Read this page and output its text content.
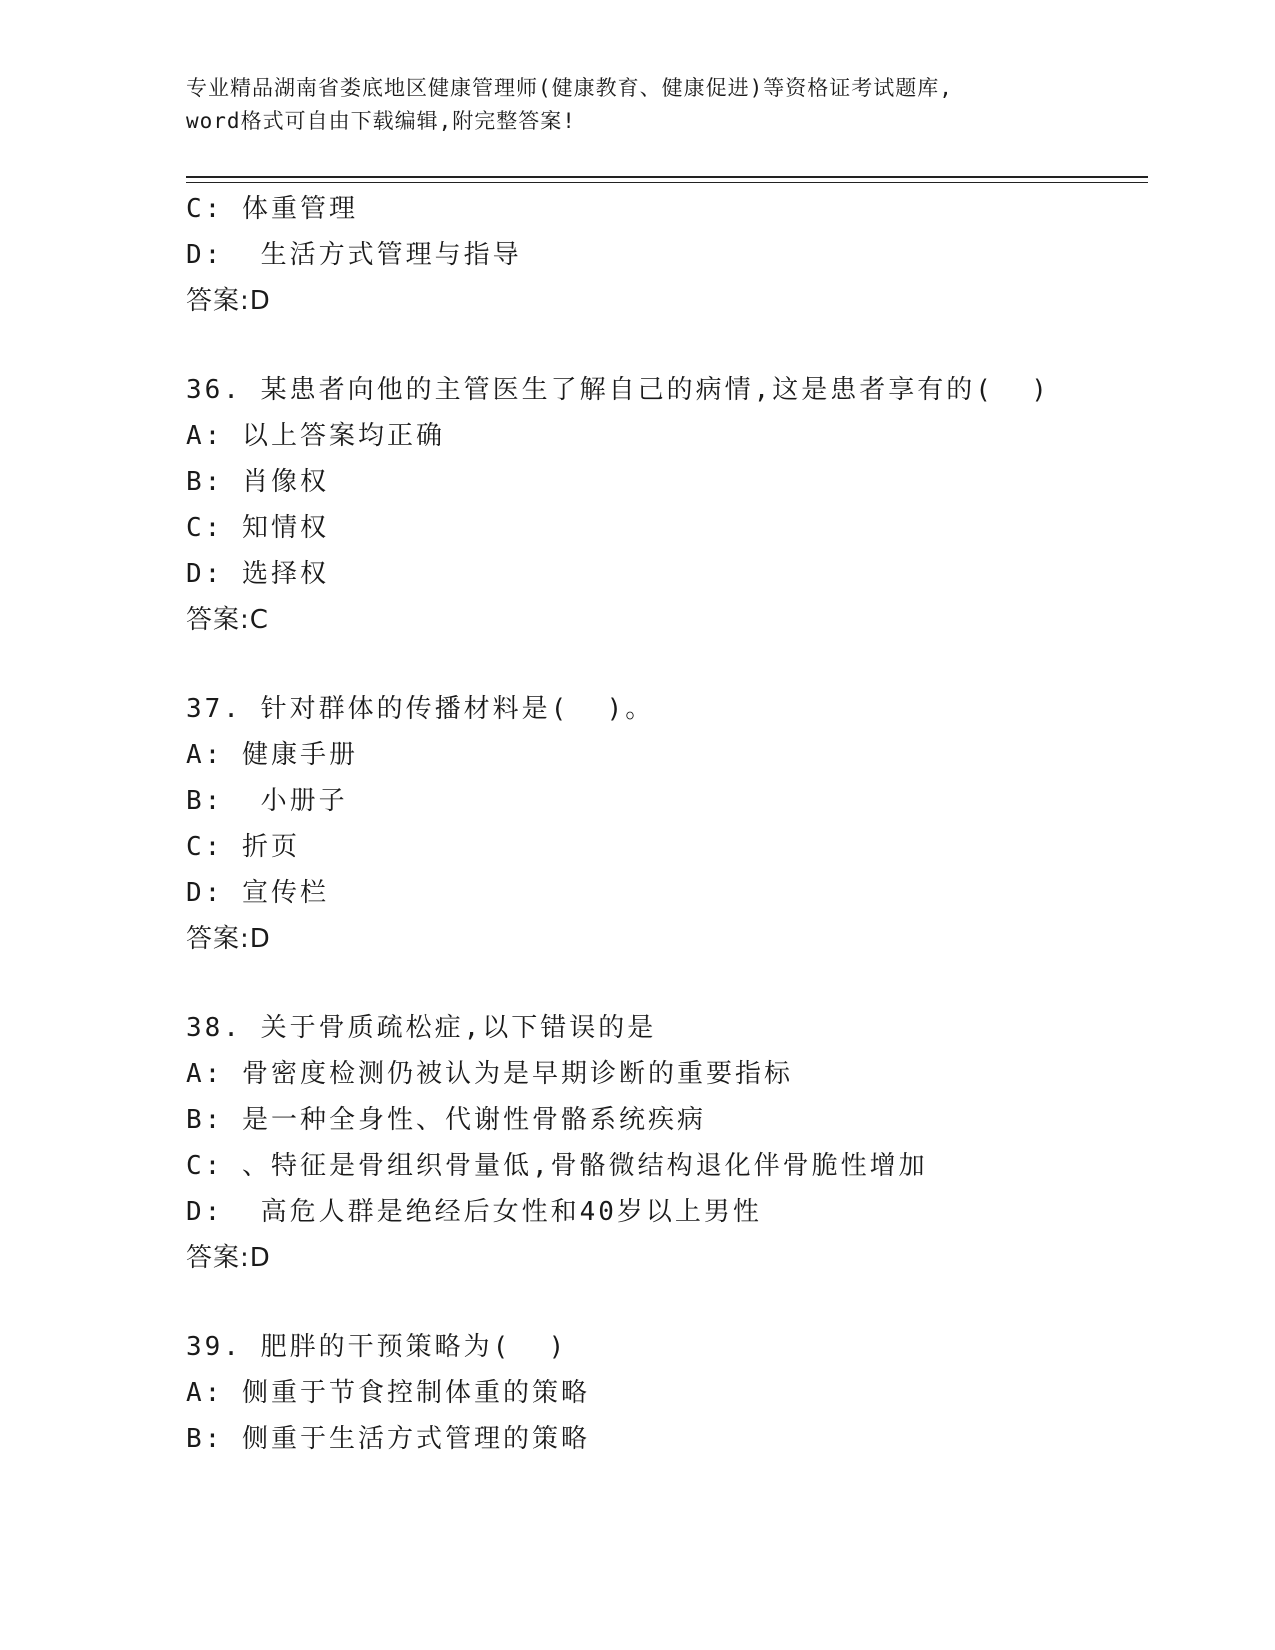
专业精品湖南省娄底地区健康管理师(健康教育、健康促进)等资格证考试题库,
word格式可自由下载编辑,附完整答案!
C: 体重管理
D:  生活方式管理与指导
答案:D
36. 某患者向他的主管医生了解自己的病情,这是患者享有的(  )
A: 以上答案均正确
B: 肖像权
C: 知情权
D: 选择权
答案:C
37. 针对群体的传播材料是(  )。
A: 健康手册
B:  小册子
C: 折页
D: 宣传栏
答案:D
38. 关于骨质疏松症,以下错误的是
A: 骨密度检测仍被认为是早期诊断的重要指标
B: 是一种全身性、代谢性骨骼系统疾病
C: 、特征是骨组织骨量低,骨骼微结构退化伴骨脆性增加
D:  高危人群是绝经后女性和40岁以上男性
答案:D
39. 肥胖的干预策略为(  )
A: 侧重于节食控制体重的策略
B: 侧重于生活方式管理的策略
